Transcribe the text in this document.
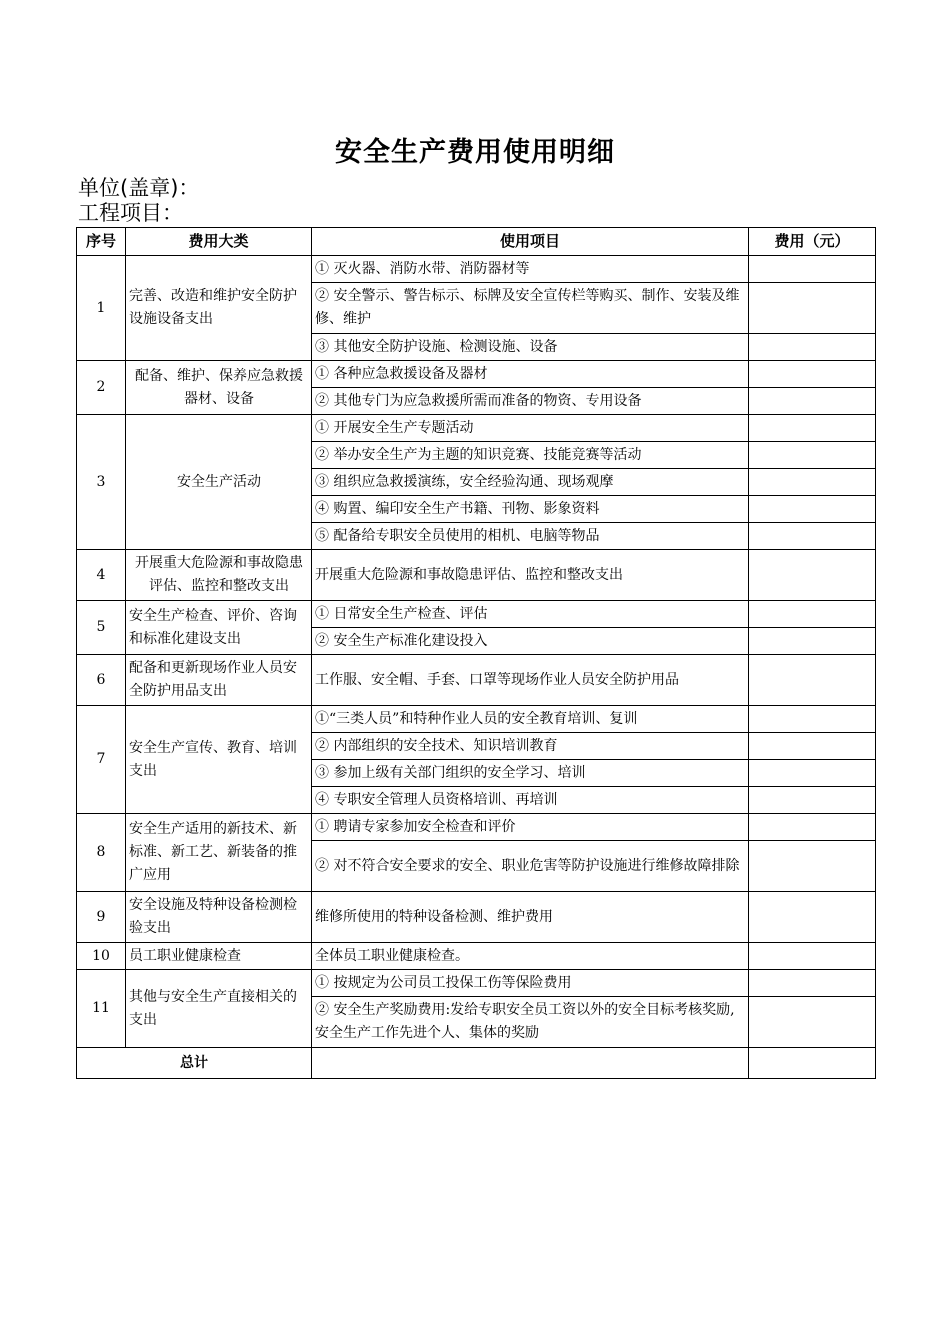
安全生产费用使用明细
单位(盖章)：
工程项目：
序号	费用大类	使用项目	费用（元）
1	完善、改造和维护安全防护设施设备支出	① 灭火器、消防水带、消防器材等	
		② 安全警示、警告标示、标牌及安全宣传栏等购买、制作、安装及维修、维护	
		③ 其他安全防护设施、检测设施、设备	
2	配备、维护、保养应急救援器材、设备	① 各种应急救援设备及器材	
		② 其他专门为应急救援所需而准备的物资、专用设备	
3	安全生产活动	① 开展安全生产专题活动	
		② 举办安全生产为主题的知识竞赛、技能竞赛等活动	
		③ 组织应急救援演练，安全经验沟通、现场观摩	
		④ 购置、编印安全生产书籍、刊物、影象资料	
		⑤ 配备给专职安全员使用的相机、电脑等物品	
4	开展重大危险源和事故隐患评估、监控和整改支出	开展重大危险源和事故隐患评估、监控和整改支出	
5	安全生产检查、评价、咨询和标准化建设支出	① 日常安全生产检查、评估	
		② 安全生产标准化建设投入	
6	配备和更新现场作业人员安全防护用品支出	工作服、安全帽、手套、口罩等现场作业人员安全防护用品	
7	安全生产宣传、教育、培训支出	①“三类人员”和特种作业人员的安全教育培训、复训	
		② 内部组织的安全技术、知识培训教育	
		③ 参加上级有关部门组织的安全学习、培训	
		④ 专职安全管理人员资格培训、再培训	
8	安全生产适用的新技术、新标准、新工艺、新装备的推广应用	① 聘请专家参加安全检查和评价	
		② 对不符合安全要求的安全、职业危害等防护设施进行维修故障排除	
9	安全设施及特种设备检测检验支出	维修所使用的特种设备检测、维护费用	
10	员工职业健康检查	全体员工职业健康检查。	
11	其他与安全生产直接相关的支出	① 按规定为公司员工投保工伤等保险费用	
		② 安全生产奖励费用:发给专职安全员工资以外的安全目标考核奖励,安全生产工作先进个人、集体的奖励	
总计			
